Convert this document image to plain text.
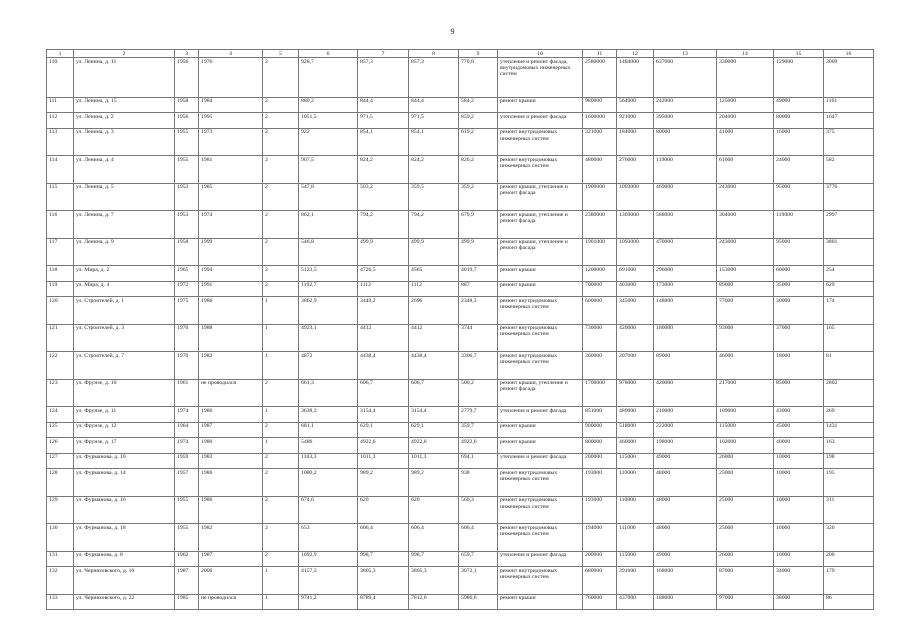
9
1	2	3	4	5	6	7	8	9	10	11	12	13	14	15	16
110	ул. Ленина, д. 11	1956	1976	2	928,7	857,3	857,3	770,8	утепление и ремонт фасада, внутридомовых инженерных систем	2580000	1484000	637000	330000	129000	3009
111	ул. Ленина, д. 15	1958	1984	2	880,2	844,4	844,4	584,2	ремонт крыши	980000	564000	242000	125000	49000	1161
112	ул. Ленина, д. 2	1956	1995	2	1051,5	971,5	971,5	859,2	утепление и ремонт фасада	1600000	921000	395000	204000	80000	1647
113	ул. Ленина, д. 3	1955	1973	2	922	854,1	854,1	619,2	ремонт внутридомовых инженерных систем	321000	184000	80000	41000	16000	375
114	ул. Ленина, д. 4	1955	1981	2	907,5	824,2	824,2	826,2	ремонт внутридомовых инженерных систем	480000	276000	119000	61000	24000	582
115	ул. Ленина, д. 5	1953	1985	2	547,8	503,2	359,5	359,2	ремонт крыши, утепление и ремонт фасада	1900000	1093000	469000	243000	95000	3776
116	ул. Ленина, д. 7	1953	1974	2	862,1	794,2	794,2	679,9	ремонт крыши, утепление и ремонт фасада	2380000	1369000	588000	304000	119000	2997
117	ул. Ленина, д. 9	1958	1999	2	546,8	499,9	499,9	499,9	ремонт крыши, утепление и ремонт фасада	1901000	1093000	470000	243000	95000	3801
118	ул. Мира, д. 2	1965	1994	2	5123,5	4726,5	4565	4019,7	ремонт крыши	1200000	691000	296000	153000	60000	254
119	ул. Мира, д. 4	1972	1991	2	1192,7	1112	1112	887	ремонт крыши	700000	403000	173000	89000	35000	629
120	ул. Строителей, д. 1	1975	1986	1	3862,9	3449,2	2696	2348,3	ремонт внутридомовых инженерных систем	600000	345000	148000	77000	30000	174
121	ул. Строителей, д. 3	1970	1988	1	4923,1	4412	4412	3744	ремонт внутридомовых инженерных систем	730000	420000	180000	93000	37000	165
122	ул. Строителей, д. 7	1970	1982	1	4872	4438,4	4438,4	3306,7	ремонт внутридомовых инженерных систем	360000	207000	89000	46000	18000	81
123	ул. Фрунзе, д. 10	1961	не проводился	2	661,3	606,7	606,7	500,2	ремонт крыши, утепление и ремонт фасада	1700000	978000	420000	217000	85000	2802
124	ул. Фрунзе, д. 11	1974	1986	1	3638,3	3154,4	3154,4	2779,7	утепление и ремонт фасада	851000	489000	210000	109000	43000	269
125	ул. Фрунзе, д. 12	1964	1987	2	681,1	629,1	629,1	359,7	ремонт крыши	900000	518000	222000	115000	45000	1431
126	ул. Фрунзе, д. 17	1974	1980	1	5486	4922,6	4922,6	4922,6	ремонт крыши	800000	460000	198000	102000	40000	163
127	ул. Фурманова, д. 10	1959	1983	2	1103,3	1011,3	1011,3	694,1	утепление и ремонт фасада	200000	115000	49000	26000	10000	198
128	ул. Фурманова, д. 14	1957	1986	2	1080,2	989,2	989,2	938	ремонт внутридомовых инженерных систем	193000	110000	48000	25000	10000	195
129	ул. Фурманова, д. 16	1955	1986	2	674,6	620	620	560,3	ремонт внутридомовых инженерных систем	193000	110000	48000	25000	10000	311
130	ул. Фурманова, д. 18	1955	1982	2	653	606,4	606,4	606,4	ремонт внутридомовых инженерных систем	194000	111000	48000	25000	10000	320
131	ул. Фурманова, д. 8	1962	1987	2	1092,9	998,7	998,7	659,7	утепление и ремонт фасада	200000	115000	49000	26000	10000	200
132	ул. Черняховского, д. 16	1987	2006	1	4157,3	3805,3	3805,3	3072,1	ремонт внутридомовых инженерных систем	680000	391000	168000	87000	34000	179
133	ул. Черняховского, д. 22	1985	не проводился	1	9741,2	8789,4	7812,6	5986,6	ремонт крыши	760000	437000	188000	97000	38000	86
